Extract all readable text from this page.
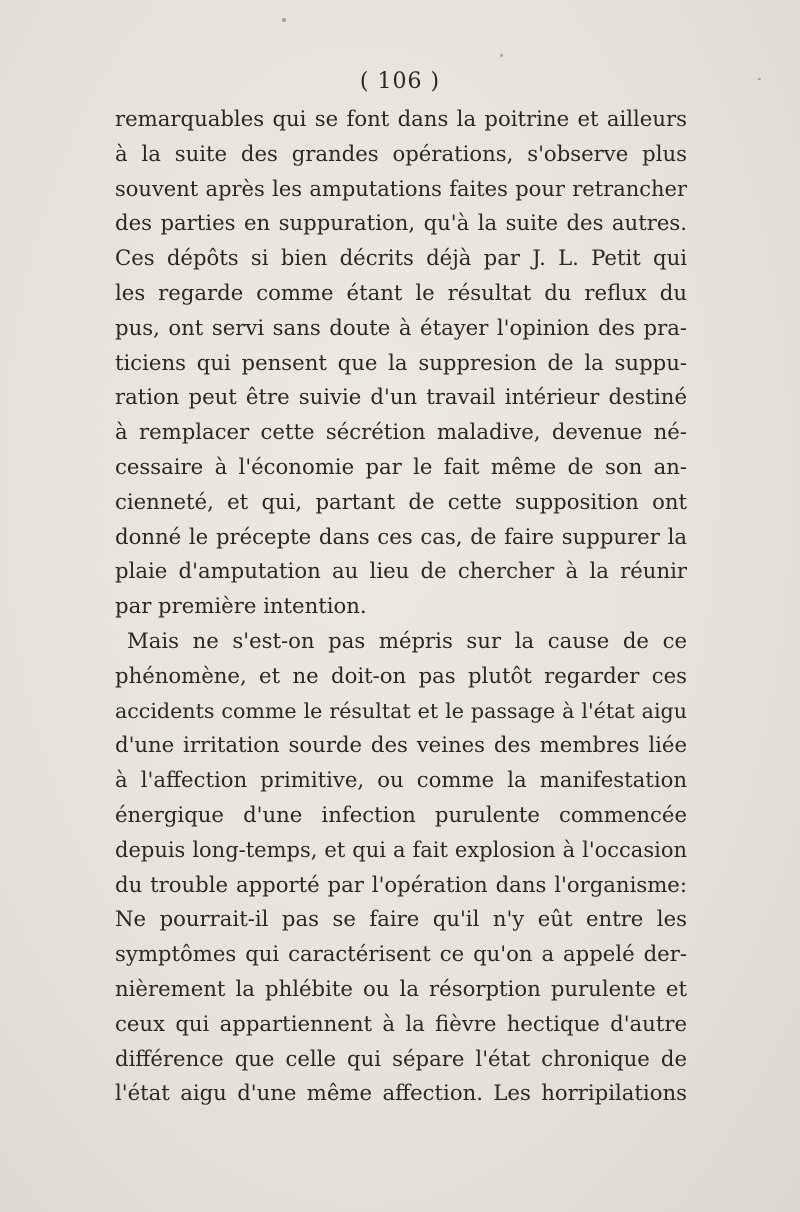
( 106 )
remarquables qui se font dans la poitrine et ailleurs
à la suite des grandes opérations, s'observe plus
souvent après les amputations faites pour retrancher
des parties en suppuration, qu'à la suite des autres.
Ces dépôts si bien décrits déjà par J. L. Petit qui
les regarde comme étant le résultat du reflux du
pus, ont servi sans doute à étayer l'opinion des pra-
ticiens qui pensent que la suppresion de la suppu-
ration peut être suivie d'un travail intérieur destiné
à remplacer cette sécrétion maladive, devenue né-
cessaire à l'économie par le fait même de son an-
cienneté, et qui, partant de cette supposition ont
donné le précepte dans ces cas, de faire suppurer la
plaie d'amputation au lieu de chercher à la réunir
par première intention.
Mais ne s'est-on pas mépris sur la cause de ce
phénomène, et ne doit-on pas plutôt regarder ces
accidents comme le résultat et le passage à l'état aigu
d'une irritation sourde des veines des membres liée
à l'affection primitive, ou comme la manifestation
énergique d'une infection purulente commencée
depuis long-temps, et qui a fait explosion à l'occasion
du trouble apporté par l'opération dans l'organisme:
Ne pourrait-il pas se faire qu'il n'y eût entre les
symptômes qui caractérisent ce qu'on a appelé der-
nièrement la phlébite ou la résorption purulente et
ceux qui appartiennent à la fièvre hectique d'autre
différence que celle qui sépare l'état chronique de
l'état aigu d'une même affection. Les horripilations
